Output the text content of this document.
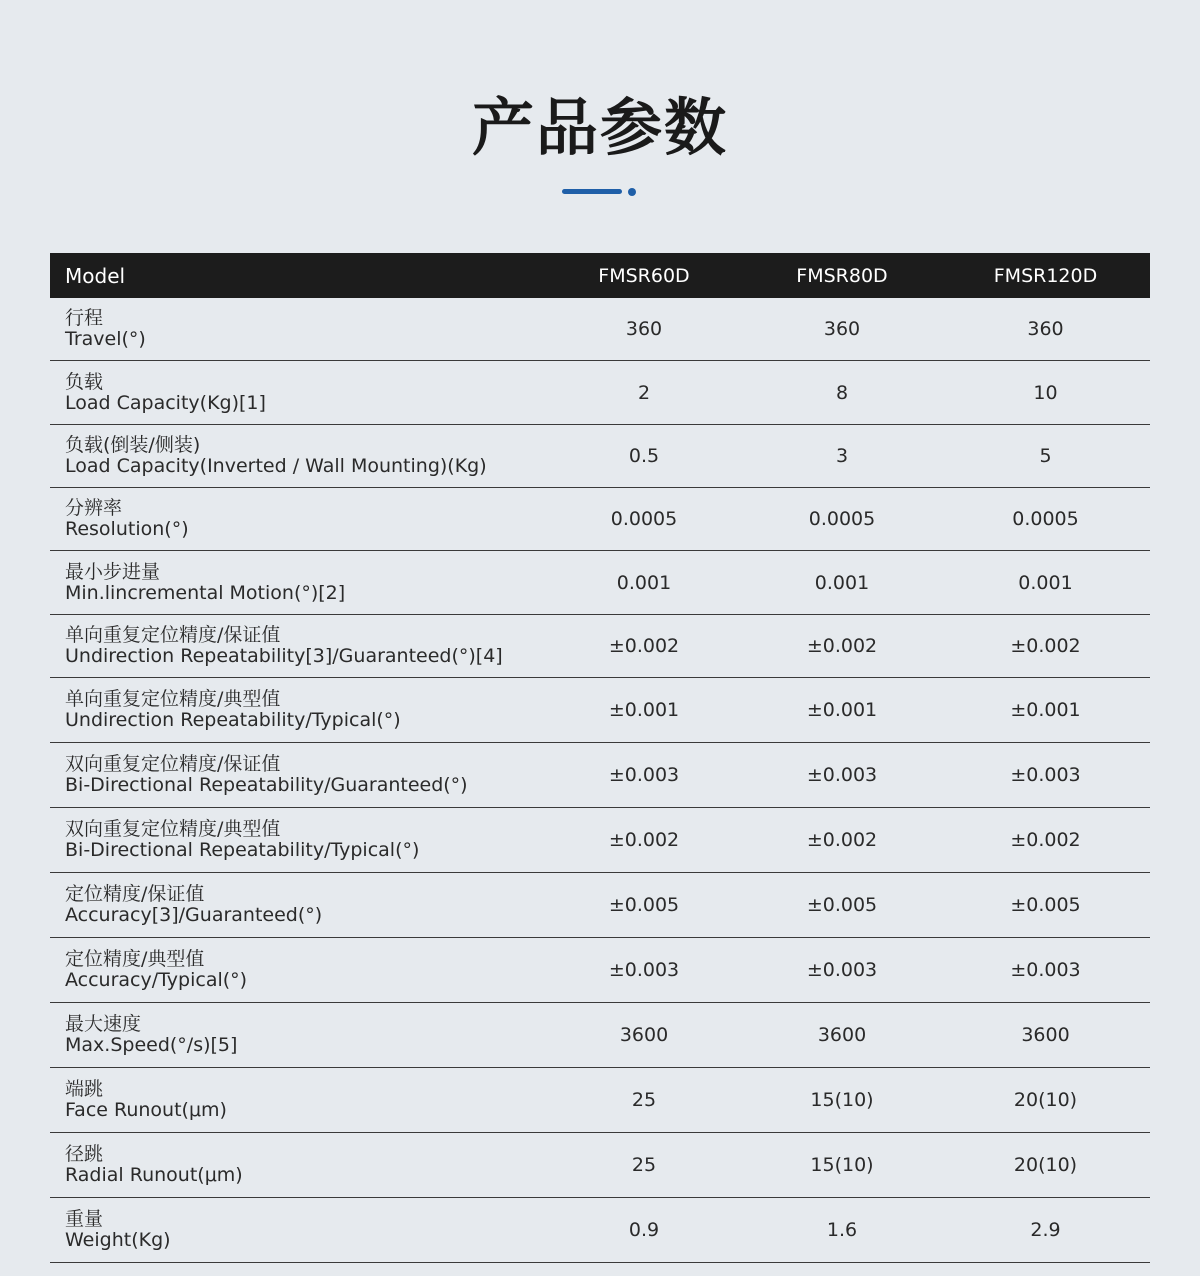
产品参数
Model	FMSR60D	FMSR80D	FMSR120D

行程
Travel(°)	360	360	360

负载
Load Capacity(Kg)[1]	2	8	10

负载(倒装/侧装)
Load Capacity(Inverted / Wall Mounting)(Kg)	0.5	3	5

分辨率
Resolution(°)	0.0005	0.0005	0.0005

最小步进量
Min.lincremental Motion(°)[2]	0.001	0.001	0.001

单向重复定位精度/保证值
Undirection Repeatability[3]/Guaranteed(°)[4]	±0.002	±0.002	±0.002

单向重复定位精度/典型值
Undirection Repeatability/Typical(°)	±0.001	±0.001	±0.001

双向重复定位精度/保证值
Bi-Directional Repeatability/Guaranteed(°)	±0.003	±0.003	±0.003

双向重复定位精度/典型值
Bi-Directional Repeatability/Typical(°)	±0.002	±0.002	±0.002

定位精度/保证值
Accuracy[3]/Guaranteed(°)	±0.005	±0.005	±0.005

定位精度/典型值
Accuracy/Typical(°)	±0.003	±0.003	±0.003

最大速度
Max.Speed(°/s)[5]	3600	3600	3600

端跳
Face Runout(μm)	25	15(10)	20(10)

径跳
Radial Runout(μm)	25	15(10)	20(10)

重量
Weight(Kg)	0.9	1.6	2.9
